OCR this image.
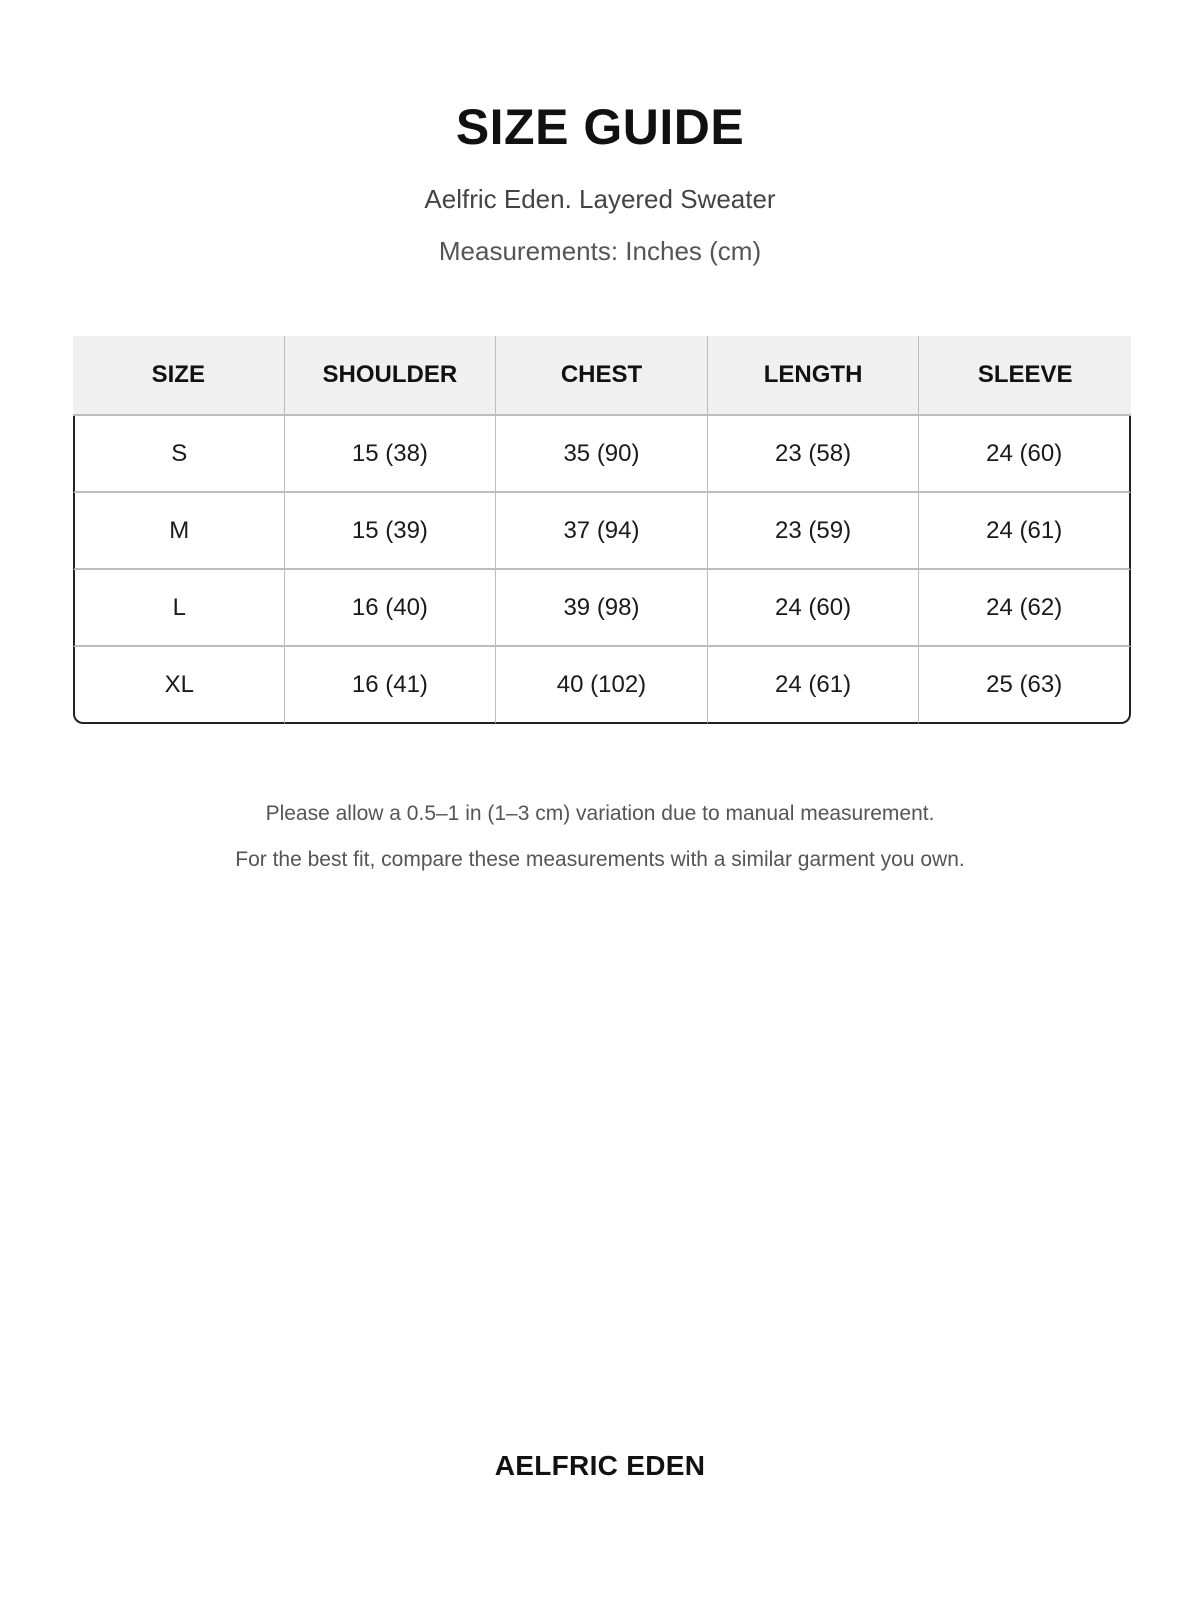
SIZE GUIDE
Aelfric Eden. Layered Sweater
Measurements: Inches (cm)
SIZE	SHOULDER	CHEST	LENGTH	SLEEVE
S	15 (38)	35 (90)	23 (58)	24 (60)
M	15 (39)	37 (94)	23 (59)	24 (61)
L	16 (40)	39 (98)	24 (60)	24 (62)
XL	16 (41)	40 (102)	24 (61)	25 (63)
Please allow a 0.5–1 in (1–3 cm) variation due to manual measurement.
For the best fit, compare these measurements with a similar garment you own.
AELFRIC EDEN
